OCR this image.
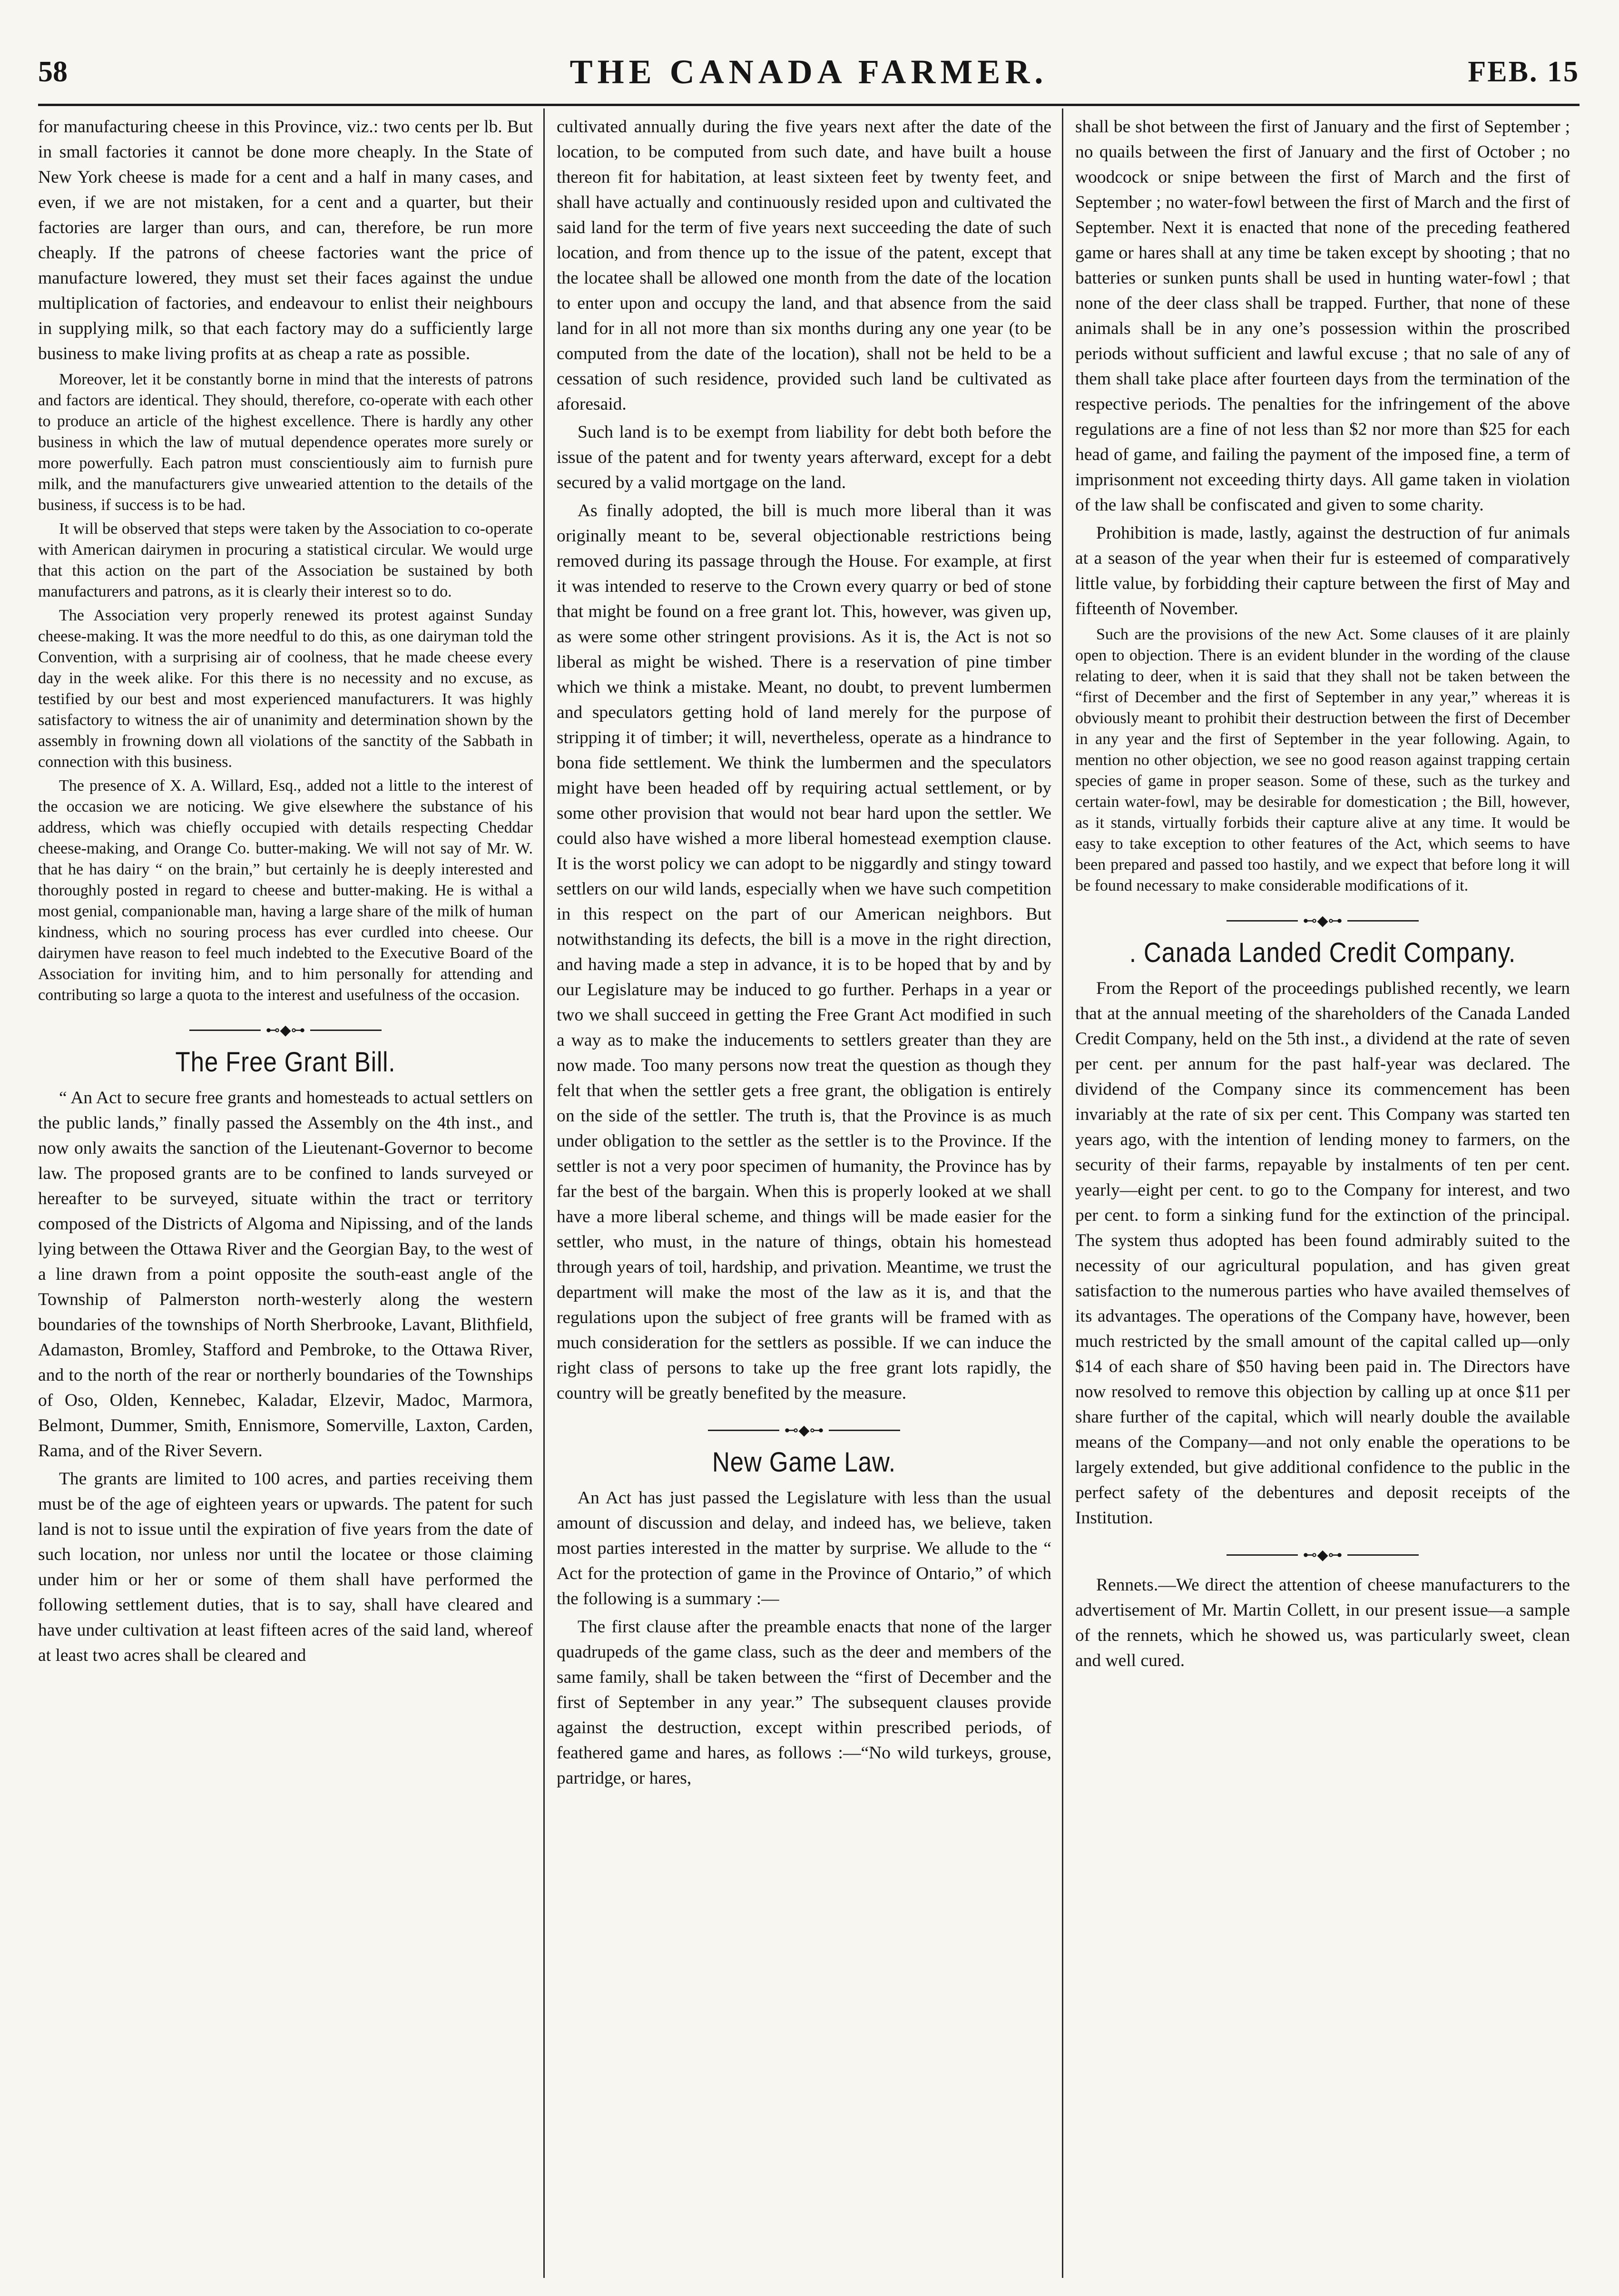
58	THE CANADA FARMER.	FEB. 15

for manufacturing cheese in this Province, viz.: two cents per lb. But in small factories it cannot be done more cheaply. In the State of New York cheese is made for a cent and a half in many cases, and even, if we are not mistaken, for a cent and a quarter, but their factories are larger than ours, and can, therefore, be run more cheaply. If the patrons of cheese factories want the price of manufacture lowered, they must set their faces against the undue multiplication of factories, and endeavour to enlist their neighbours in supplying milk, so that each factory may do a sufficiently large business to make living profits at as cheap a rate as possible.

Moreover, let it be constantly borne in mind that the interests of patrons and factors are identical. They should, therefore, co-operate with each other to produce an article of the highest excellence. There is hardly any other business in which the law of mutual dependence operates more surely or more powerfully. Each patron must conscientiously aim to furnish pure milk, and the manufacturers give unwearied attention to the details of the business, if success is to be had.

It will be observed that steps were taken by the Association to co-operate with American dairymen in procuring a statistical circular. We would urge that this action on the part of the Association be sustained by both manufacturers and patrons, as it is clearly their interest so to do.

The Association very properly renewed its protest against Sunday cheese-making. It was the more needful to do this, as one dairyman told the Convention, with a surprising air of coolness, that he made cheese every day in the week alike. For this there is no necessity and no excuse, as testified by our best and most experienced manufacturers. It was highly satisfactory to witness the air of unanimity and determination shown by the assembly in frowning down all violations of the sanctity of the Sabbath in connection with this business.

The presence of X. A. Willard, Esq., added not a little to the interest of the occasion we are noticing. We give elsewhere the substance of his address, which was chiefly occupied with details respecting Cheddar cheese-making, and Orange Co. butter-making. We will not say of Mr. W. that he has dairy “ on the brain,” but certainly he is deeply interested and thoroughly posted in regard to cheese and butter-making. He is withal a most genial, companionable man, having a large share of the milk of human kindness, which no souring process has ever curdled into cheese. Our dairymen have reason to feel much indebted to the Executive Board of the Association for inviting him, and to him personally for attending and contributing so large a quota to the interest and usefulness of the occasion.

⊷◆⊶
The Free Grant Bill.

“ An Act to secure free grants and homesteads to actual settlers on the public lands,” finally passed the Assembly on the 4th inst., and now only awaits the sanction of the Lieutenant-Governor to become law. The proposed grants are to be confined to lands surveyed or hereafter to be surveyed, situate within the tract or territory composed of the Districts of Algoma and Nipissing, and of the lands lying between the Ottawa River and the Georgian Bay, to the west of a line drawn from a point opposite the south-east angle of the Township of Palmerston north-westerly along the western boundaries of the townships of North Sherbrooke, Lavant, Blithfield, Adamaston, Bromley, Stafford and Pembroke, to the Ottawa River, and to the north of the rear or northerly boundaries of the Townships of Oso, Olden, Kennebec, Kaladar, Elzevir, Madoc, Marmora, Belmont, Dummer, Smith, Ennismore, Somerville, Laxton, Carden, Rama, and of the River Severn.

The grants are limited to 100 acres, and parties receiving them must be of the age of eighteen years or upwards. The patent for such land is not to issue until the expiration of five years from the date of such location, nor unless nor until the locatee or those claiming under him or her or some of them shall have performed the following settlement duties, that is to say, shall have cleared and have under cultivation at least fifteen acres of the said land, whereof at least two acres shall be cleared and

cultivated annually during the five years next after the date of the location, to be computed from such date, and have built a house thereon fit for habitation, at least sixteen feet by twenty feet, and shall have actually and continuously resided upon and cultivated the said land for the term of five years next succeeding the date of such location, and from thence up to the issue of the patent, except that the locatee shall be allowed one month from the date of the location to enter upon and occupy the land, and that absence from the said land for in all not more than six months during any one year (to be computed from the date of the location), shall not be held to be a cessation of such residence, provided such land be cultivated as aforesaid.

Such land is to be exempt from liability for debt both before the issue of the patent and for twenty years afterward, except for a debt secured by a valid mortgage on the land.

As finally adopted, the bill is much more liberal than it was originally meant to be, several objectionable restrictions being removed during its passage through the House. For example, at first it was intended to reserve to the Crown every quarry or bed of stone that might be found on a free grant lot. This, however, was given up, as were some other stringent provisions. As it is, the Act is not so liberal as might be wished. There is a reservation of pine timber which we think a mistake. Meant, no doubt, to prevent lumbermen and speculators getting hold of land merely for the purpose of stripping it of timber; it will, nevertheless, operate as a hindrance to bona fide settlement. We think the lumbermen and the speculators might have been headed off by requiring actual settlement, or by some other provision that would not bear hard upon the settler. We could also have wished a more liberal homestead exemption clause. It is the worst policy we can adopt to be niggardly and stingy toward settlers on our wild lands, especially when we have such competition in this respect on the part of our American neighbors. But notwithstanding its defects, the bill is a move in the right direction, and having made a step in advance, it is to be hoped that by and by our Legislature may be induced to go further. Perhaps in a year or two we shall succeed in getting the Free Grant Act modified in such a way as to make the inducements to settlers greater than they are now made. Too many persons now treat the question as though they felt that when the settler gets a free grant, the obligation is entirely on the side of the settler. The truth is, that the Province is as much under obligation to the settler as the settler is to the Province. If the settler is not a very poor specimen of humanity, the Province has by far the best of the bargain. When this is properly looked at we shall have a more liberal scheme, and things will be made easier for the settler, who must, in the nature of things, obtain his homestead through years of toil, hardship, and privation. Meantime, we trust the department will make the most of the law as it is, and that the regulations upon the subject of free grants will be framed with as much consideration for the settlers as possible. If we can induce the right class of persons to take up the free grant lots rapidly, the country will be greatly benefited by the measure.

⊷◆⊶
New Game Law.

An Act has just passed the Legislature with less than the usual amount of discussion and delay, and indeed has, we believe, taken most parties interested in the matter by surprise. We allude to the “ Act for the protection of game in the Province of Ontario,” of which the following is a summary :—

The first clause after the preamble enacts that none of the larger quadrupeds of the game class, such as the deer and members of the same family, shall be taken between the “first of December and the first of September in any year.” The subsequent clauses provide against the destruction, except within prescribed periods, of feathered game and hares, as follows :—“No wild turkeys, grouse, partridge, or hares,

shall be shot between the first of January and the first of September ; no quails between the first of January and the first of October ; no woodcock or snipe between the first of March and the first of September ; no water-fowl between the first of March and the first of September. Next it is enacted that none of the preceding feathered game or hares shall at any time be taken except by shooting ; that no batteries or sunken punts shall be used in hunting water-fowl ; that none of the deer class shall be trapped. Further, that none of these animals shall be in any one’s possession within the proscribed periods without sufficient and lawful excuse ; that no sale of any of them shall take place after fourteen days from the termination of the respective periods. The penalties for the infringement of the above regulations are a fine of not less than $2 nor more than $25 for each head of game, and failing the payment of the imposed fine, a term of imprisonment not exceeding thirty days. All game taken in violation of the law shall be confiscated and given to some charity.

Prohibition is made, lastly, against the destruction of fur animals at a season of the year when their fur is esteemed of comparatively little value, by forbidding their capture between the first of May and fifteenth of November.

Such are the provisions of the new Act. Some clauses of it are plainly open to objection. There is an evident blunder in the wording of the clause relating to deer, when it is said that they shall not be taken between the “first of December and the first of September in any year,” whereas it is obviously meant to prohibit their destruction between the first of December in any year and the first of September in the year following. Again, to mention no other objection, we see no good reason against trapping certain species of game in proper season. Some of these, such as the turkey and certain water-fowl, may be desirable for domestication ; the Bill, however, as it stands, virtually forbids their capture alive at any time. It would be easy to take exception to other features of the Act, which seems to have been prepared and passed too hastily, and we expect that before long it will be found necessary to make considerable modifications of it.

⊷◆⊶
. Canada Landed Credit Company.

From the Report of the proceedings published recently, we learn that at the annual meeting of the shareholders of the Canada Landed Credit Company, held on the 5th inst., a dividend at the rate of seven per cent. per annum for the past half-year was declared. The dividend of the Company since its commencement has been invariably at the rate of six per cent. This Company was started ten years ago, with the intention of lending money to farmers, on the security of their farms, repayable by instalments of ten per cent. yearly—eight per cent. to go to the Company for interest, and two per cent. to form a sinking fund for the extinction of the principal. The system thus adopted has been found admirably suited to the necessity of our agricultural population, and has given great satisfaction to the numerous parties who have availed themselves of its advantages. The operations of the Company have, however, been much restricted by the small amount of the capital called up—only $14 of each share of $50 having been paid in. The Directors have now resolved to remove this objection by calling up at once $11 per share further of the capital, which will nearly double the available means of the Company—and not only enable the operations to be largely extended, but give additional confidence to the public in the perfect safety of the debentures and deposit receipts of the Institution.

⊷◆⊶

Rennets.—We direct the attention of cheese manufacturers to the advertisement of Mr. Martin Collett, in our present issue—a sample of the rennets, which he showed us, was particularly sweet, clean and well cured.
